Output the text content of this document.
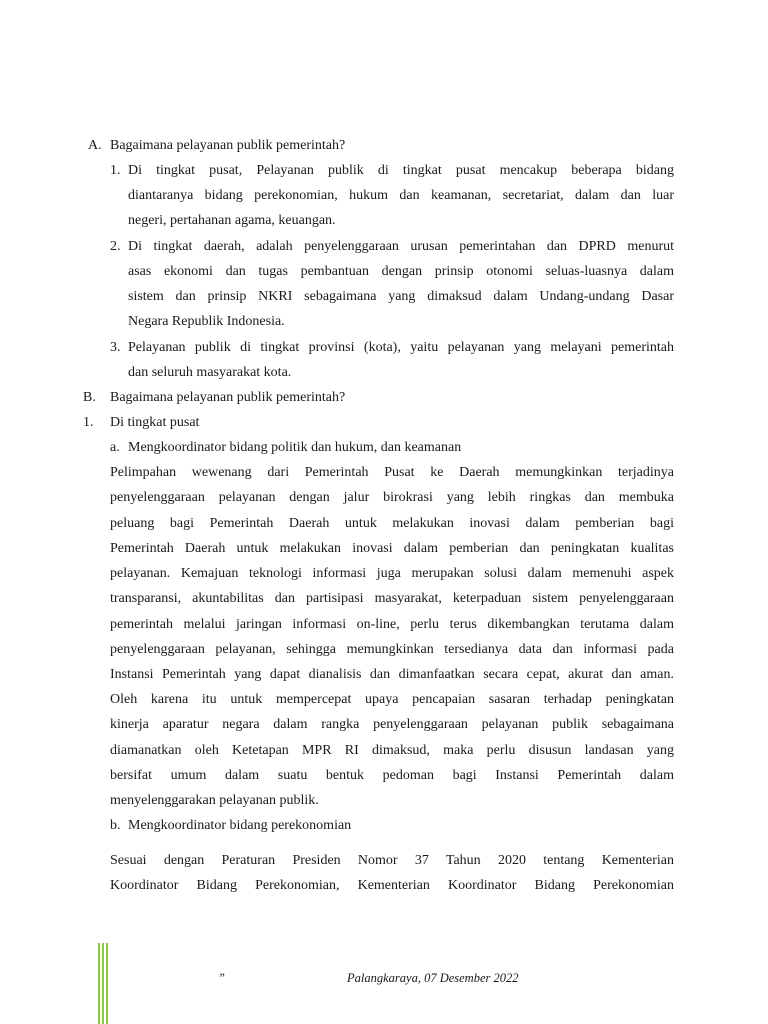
A. Bagaimana pelayanan publik pemerintah?
1. Di tingkat pusat, Pelayanan publik di tingkat pusat mencakup beberapa bidang
diantaranya bidang perekonomian, hukum dan keamanan, secretariat, dalam dan luar
negeri, pertahanan agama, keuangan.
2. Di tingkat daerah, adalah penyelenggaraan urusan pemerintahan dan DPRD menurut
asas ekonomi dan tugas pembantuan dengan prinsip otonomi seluas-luasnya dalam
sistem dan prinsip NKRI sebagaimana yang dimaksud dalam Undang-undang Dasar
Negara Republik Indonesia.
3. Pelayanan publik di tingkat provinsi (kota), yaitu pelayanan yang melayani pemerintah
dan seluruh masyarakat kota.
B. Bagaimana pelayanan publik pemerintah?
1. Di tingkat pusat
a. Mengkoordinator bidang politik dan hukum, dan keamanan
Pelimpahan wewenang dari Pemerintah Pusat ke Daerah memungkinkan terjadinya
penyelenggaraan pelayanan dengan jalur birokrasi yang lebih ringkas dan membuka
peluang bagi Pemerintah Daerah untuk melakukan inovasi dalam pemberian bagi
Pemerintah Daerah untuk melakukan inovasi dalam pemberian dan peningkatan kualitas
pelayanan. Kemajuan teknologi informasi juga merupakan solusi dalam memenuhi aspek
transparansi, akuntabilitas dan partisipasi masyarakat, keterpaduan sistem penyelenggaraan
pemerintah melalui jaringan informasi on-line, perlu terus dikembangkan terutama dalam
penyelenggaraan pelayanan, sehingga memungkinkan tersedianya data dan informasi pada
Instansi Pemerintah yang dapat dianalisis dan dimanfaatkan secara cepat, akurat dan aman.
Oleh karena itu untuk mempercepat upaya pencapaian sasaran terhadap peningkatan
kinerja aparatur negara dalam rangka penyelenggaraan pelayanan publik sebagaimana
diamanatkan oleh Ketetapan MPR RI dimaksud, maka perlu disusun landasan yang
bersifat umum dalam suatu bentuk pedoman bagi Instansi Pemerintah dalam
menyelenggarakan pelayanan publik.
b. Mengkoordinator bidang perekonomian
Sesuai dengan Peraturan Presiden Nomor 37 Tahun 2020 tentang Kementerian
Koordinator Bidang Perekonomian, Kementerian Koordinator Bidang Perekonomian
”	Palangkaraya, 07 Desember 2022
